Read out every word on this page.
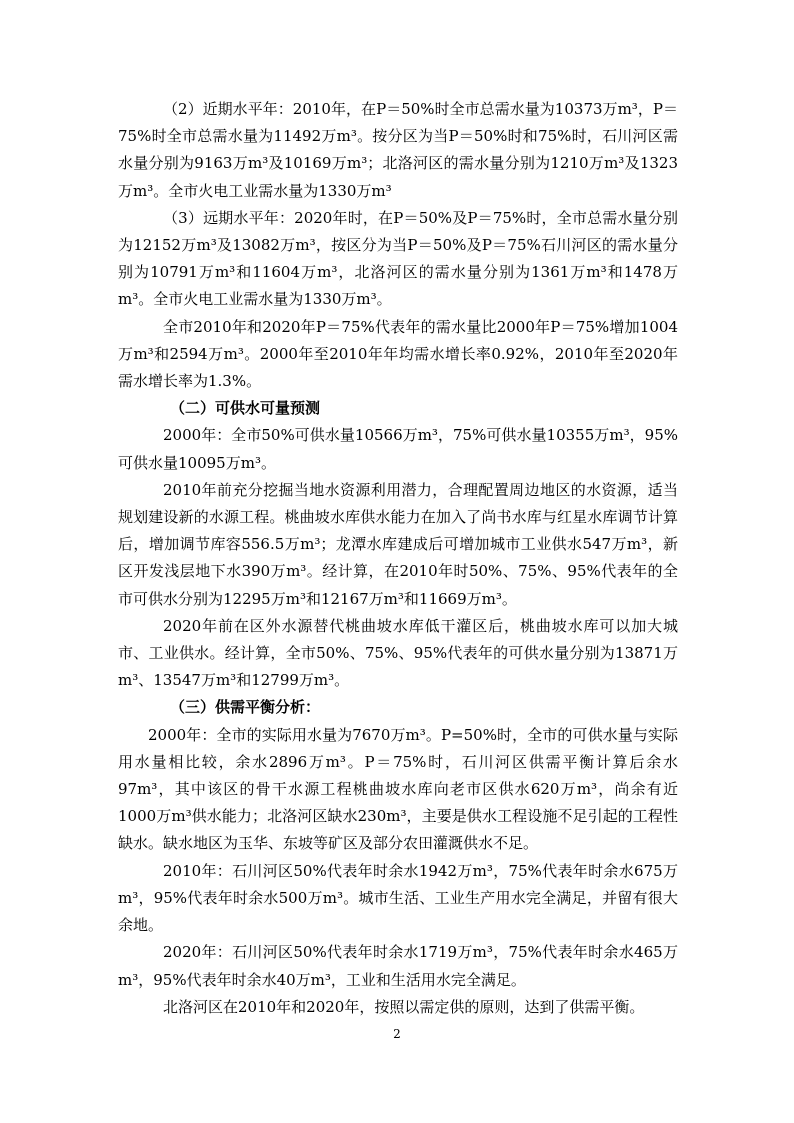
（2）近期水平年：2010年，在P＝50%时全市总需水量为10373万m³，P＝75%时全市总需水量为11492万m³。按分区为当P＝50%时和75%时，石川河区需水量分别为9163万m³及10169万m³；北洛河区的需水量分别为1210万m³及1323万m³。全市火电工业需水量为1330万m³

（3）远期水平年：2020年时，在P＝50%及P＝75%时，全市总需水量分别为12152万m³及13082万m³，按区分为当P＝50%及P＝75%石川河区的需水量分别为10791万m³和11604万m³，北洛河区的需水量分别为1361万m³和1478万m³。全市火电工业需水量为1330万m³。

全市2010年和2020年P＝75%代表年的需水量比2000年P＝75%增加1004万m³和2594万m³。2000年至2010年年均需水增长率0.92%，2010年至2020年需水增长率为1.3%。

（二）可供水可量预测

2000年：全市50%可供水量10566万m³，75%可供水量10355万m³，95%可供水量10095万m³。

2010年前充分挖掘当地水资源利用潜力，合理配置周边地区的水资源，适当规划建设新的水源工程。桃曲坡水库供水能力在加入了尚书水库与红星水库调节计算后，增加调节库容556.5万m³；龙潭水库建成后可增加城市工业供水547万m³，新区开发浅层地下水390万m³。经计算，在2010年时50%、75%、95%代表年的全市可供水分别为12295万m³和12167万m³和11669万m³。

2020年前在区外水源替代桃曲坡水库低干灌区后，桃曲坡水库可以加大城市、工业供水。经计算，全市50%、75%、95%代表年的可供水量分别为13871万m³、13547万m³和12799万m³。

（三）供需平衡分析：

2000年：全市的实际用水量为7670万m³。P=50%时，全市的可供水量与实际用水量相比较，余水2896万m³。P＝75%时，石川河区供需平衡计算后余水97m³，其中该区的骨干水源工程桃曲坡水库向老市区供水620万m³，尚余有近1000万m³供水能力；北洛河区缺水230m³，主要是供水工程设施不足引起的工程性缺水。缺水地区为玉华、东坡等矿区及部分农田灌溉供水不足。

2010年：石川河区50%代表年时余水1942万m³，75%代表年时余水675万m³，95%代表年时余水500万m³。城市生活、工业生产用水完全满足，并留有很大余地。

2020年：石川河区50%代表年时余水1719万m³，75%代表年时余水465万m³，95%代表年时余水40万m³，工业和生活用水完全满足。

北洛河区在2010年和2020年，按照以需定供的原则，达到了供需平衡。

2
